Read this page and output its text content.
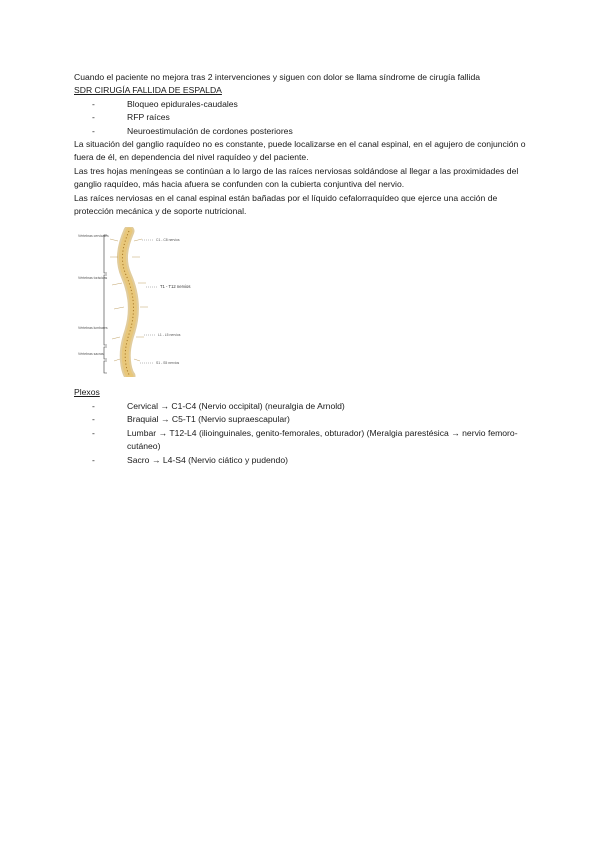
Cuando el paciente no mejora tras 2 intervenciones y siguen con dolor se llama síndrome de cirugía fallida

SDR CIRUGÍA FALLIDA DE ESPALDA

- Bloqueo epidurales-caudales
- RFP raíces
- Neuroestimulación de cordones posteriores

La situación del ganglio raquídeo no es constante, puede localizarse en el canal espinal, en el agujero de conjunción o fuera de él, en dependencia del nivel raquídeo y del paciente.

Las tres hojas meníngeas se continúan a lo largo de las raíces nerviosas soldándose al llegar a las proximidades del ganglio raquídeo, más hacia afuera se confunden con la cubierta conjuntiva del nervio.

Las raíces nerviosas en el canal espinal están bañadas por el líquido cefalorraquídeo que ejerce una acción de protección mecánica y de soporte nutricional.

Vértebras cervicales
Vértebras torácicas
Vértebras lumbares
Vértebras sacras
C1 - C8 nervios
T1 - T12 nervios
L1 - L5 nervios
S1 - S5 nervios

Plexos

- Cervical → C1-C4 (Nervio occipital) (neuralgia de Arnold)
- Braquial → C5-T1 (Nervio supraescapular)
- Lumbar → T12-L4 (ilioinguinales, genito-femorales, obturador) (Meralgia parestésica → nervio femoro-cutáneo)
- Sacro → L4-S4 (Nervio ciático y pudendo)
